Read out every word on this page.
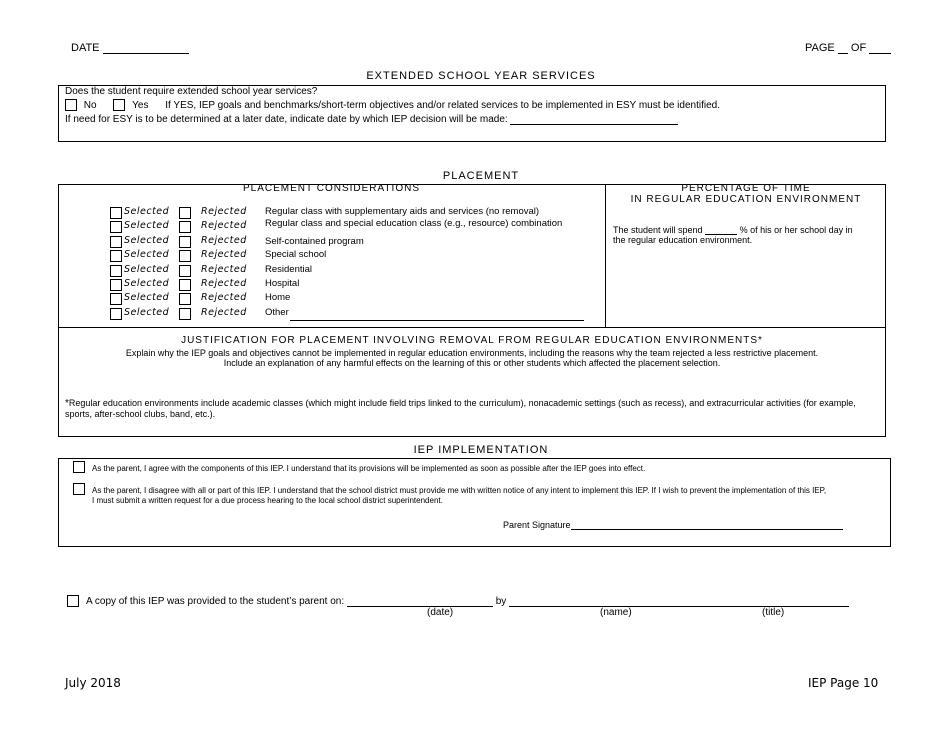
DATE	PAGE OF
EXTENDED SCHOOL YEAR SERVICES
Does the student require extended school year services?
No	Yes If YES, IEP goals and benchmarks/short-term objectives and/or related services to be implemented in ESY must be identified.
If need for ESY is to be determined at a later date, indicate date by which IEP decision will be made:
PLACEMENT
PLACEMENT CONSIDERATIONS
Selected	Rejected Regular class with supplementary aids and services (no removal)
Selected	Rejected Regular class and special education class (e.g., resource) combination
Selected	Rejected Self-contained program
Selected	Rejected Special school
Selected	Rejected Residential
Selected	Rejected Hospital
Selected	Rejected Home
Selected	Rejected Other
PERCENTAGE OF TIME
IN REGULAR EDUCATION ENVIRONMENT
The student will spend	% of his or her school day in
the regular education environment.
JUSTIFICATION FOR PLACEMENT INVOLVING REMOVAL FROM REGULAR EDUCATION ENVIRONMENTS*
Explain why the IEP goals and objectives cannot be implemented in regular education environments, including the reasons why the team rejected a less restrictive placement.
Include an explanation of any harmful effects on the learning of this or other students which affected the placement selection.
*Regular education environments include academic classes (which might include field trips linked to the curriculum), nonacademic settings (such as recess), and extracurricular activities (for example, sports, after-school clubs, band, etc.).
IEP IMPLEMENTATION
As the parent, I agree with the components of this IEP. I understand that its provisions will be implemented as soon as possible after the IEP goes into effect.
As the parent, I disagree with all or part of this IEP. I understand that the school district must provide me with written notice of any intent to implement this IEP. If I wish to prevent the implementation of this IEP,
I must submit a written request for a due process hearing to the local school district superintendent.
Parent Signature
A copy of this IEP was provided to the student’s parent on:	by
(date)	(name)	(title)
July 2018	IEP Page 10
